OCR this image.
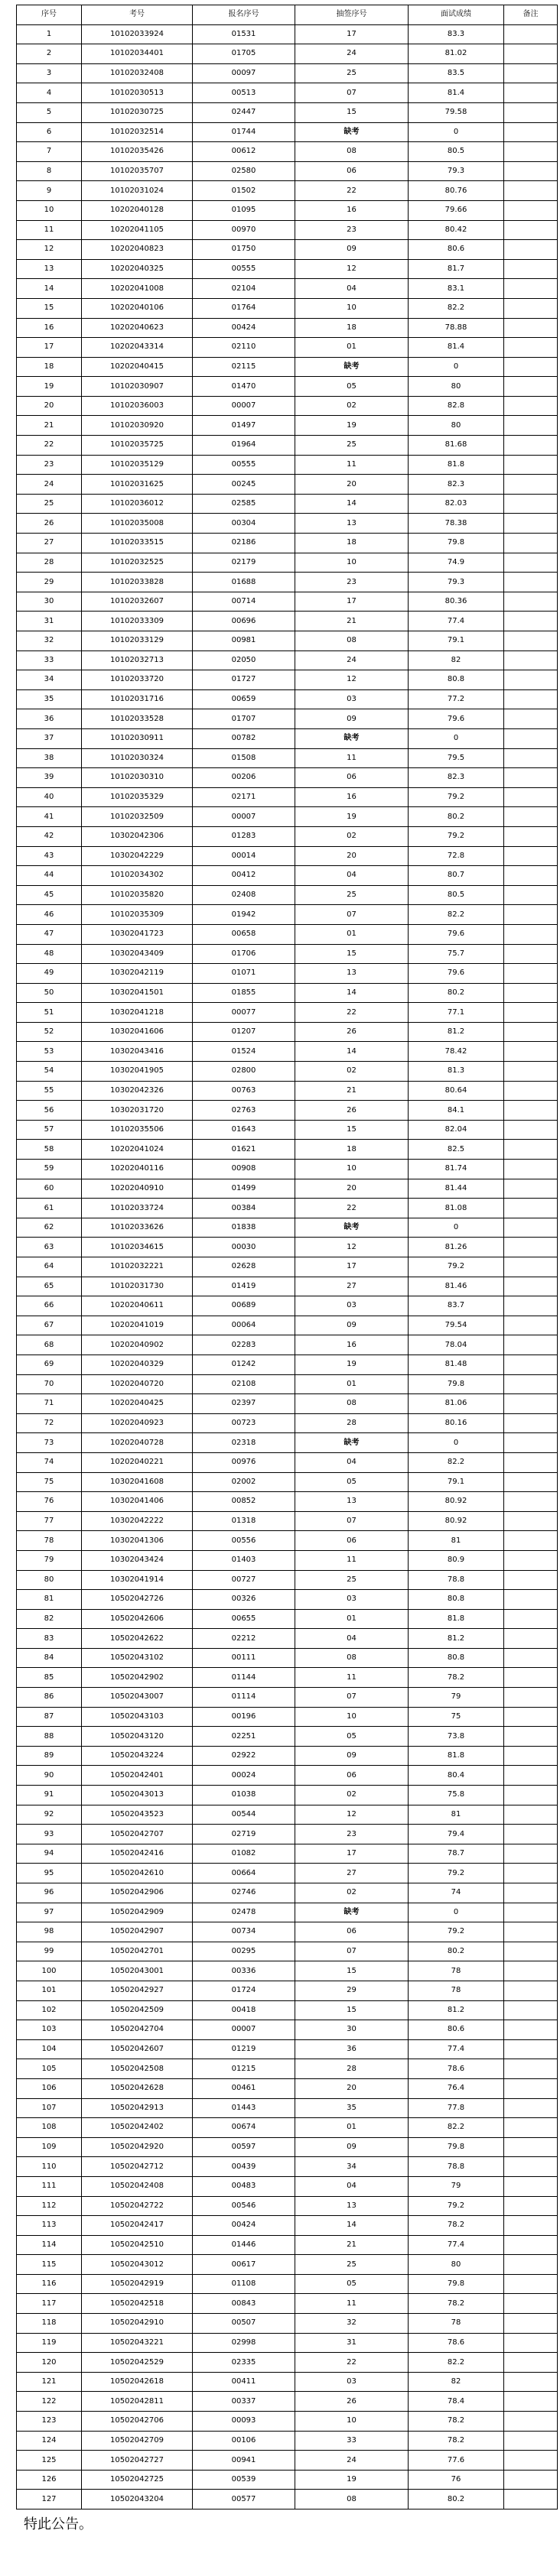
序号	考号	报名序号	抽签序号	面试成绩	备注
1	10102033924	01531	17	83.3	
2	10102034401	01705	24	81.02	
3	10102032408	00097	25	83.5	
4	10102030513	00513	07	81.4	
5	10102030725	02447	15	79.58	
6	10102032514	01744	缺考	0	
7	10102035426	00612	08	80.5	
8	10102035707	02580	06	79.3	
9	10102031024	01502	22	80.76	
10	10202040128	01095	16	79.66	
11	10202041105	00970	23	80.42	
12	10202040823	01750	09	80.6	
13	10202040325	00555	12	81.7	
14	10202041008	02104	04	83.1	
15	10202040106	01764	10	82.2	
16	10202040623	00424	18	78.88	
17	10202043314	02110	01	81.4	
18	10202040415	02115	缺考	0	
19	10102030907	01470	05	80	
20	10102036003	00007	02	82.8	
21	10102030920	01497	19	80	
22	10102035725	01964	25	81.68	
23	10102035129	00555	11	81.8	
24	10102031625	00245	20	82.3	
25	10102036012	02585	14	82.03	
26	10102035008	00304	13	78.38	
27	10102033515	02186	18	79.8	
28	10102032525	02179	10	74.9	
29	10102033828	01688	23	79.3	
30	10102032607	00714	17	80.36	
31	10102033309	00696	21	77.4	
32	10102033129	00981	08	79.1	
33	10102032713	02050	24	82	
34	10102033720	01727	12	80.8	
35	10102031716	00659	03	77.2	
36	10102033528	01707	09	79.6	
37	10102030911	00782	缺考	0	
38	10102030324	01508	11	79.5	
39	10102030310	00206	06	82.3	
40	10102035329	02171	16	79.2	
41	10102032509	00007	19	80.2	
42	10302042306	01283	02	79.2	
43	10302042229	00014	20	72.8	
44	10102034302	00412	04	80.7	
45	10102035820	02408	25	80.5	
46	10102035309	01942	07	82.2	
47	10302041723	00658	01	79.6	
48	10302043409	01706	15	75.7	
49	10302042119	01071	13	79.6	
50	10302041501	01855	14	80.2	
51	10302041218	00077	22	77.1	
52	10302041606	01207	26	81.2	
53	10302043416	01524	14	78.42	
54	10302041905	02800	02	81.3	
55	10302042326	00763	21	80.64	
56	10302031720	02763	26	84.1	
57	10102035506	01643	15	82.04	
58	10202041024	01621	18	82.5	
59	10202040116	00908	10	81.74	
60	10202040910	01499	20	81.44	
61	10102033724	00384	22	81.08	
62	10102033626	01838	缺考	0	
63	10102034615	00030	12	81.26	
64	10102032221	02628	17	79.2	
65	10102031730	01419	27	81.46	
66	10202040611	00689	03	83.7	
67	10202041019	00064	09	79.54	
68	10202040902	02283	16	78.04	
69	10202040329	01242	19	81.48	
70	10202040720	02108	01	79.8	
71	10202040425	02397	08	81.06	
72	10202040923	00723	28	80.16	
73	10202040728	02318	缺考	0	
74	10202040221	00976	04	82.2	
75	10302041608	02002	05	79.1	
76	10302041406	00852	13	80.92	
77	10302042222	01318	07	80.92	
78	10302041306	00556	06	81	
79	10302043424	01403	11	80.9	
80	10302041914	00727	25	78.8	
81	10502042726	00326	03	80.8	
82	10502042606	00655	01	81.8	
83	10502042622	02212	04	81.2	
84	10502043102	00111	08	80.8	
85	10502042902	01144	11	78.2	
86	10502043007	01114	07	79	
87	10502043103	00196	10	75	
88	10502043120	02251	05	73.8	
89	10502043224	02922	09	81.8	
90	10502042401	00024	06	80.4	
91	10502043013	01038	02	75.8	
92	10502043523	00544	12	81	
93	10502042707	02719	23	79.4	
94	10502042416	01082	17	78.7	
95	10502042610	00664	27	79.2	
96	10502042906	02746	02	74	
97	10502042909	02478	缺考	0	
98	10502042907	00734	06	79.2	
99	10502042701	00295	07	80.2	
100	10502043001	00336	15	78	
101	10502042927	01724	29	78	
102	10502042509	00418	15	81.2	
103	10502042704	00007	30	80.6	
104	10502042607	01219	36	77.4	
105	10502042508	01215	28	78.6	
106	10502042628	00461	20	76.4	
107	10502042913	01443	35	77.8	
108	10502042402	00674	01	82.2	
109	10502042920	00597	09	79.8	
110	10502042712	00439	34	78.8	
111	10502042408	00483	04	79	
112	10502042722	00546	13	79.2	
113	10502042417	00424	14	78.2	
114	10502042510	01446	21	77.4	
115	10502043012	00617	25	80	
116	10502042919	01108	05	79.8	
117	10502042518	00843	11	78.2	
118	10502042910	00507	32	78	
119	10502043221	02998	31	78.6	
120	10502042529	02335	22	82.2	
121	10502042618	00411	03	82	
122	10502042811	00337	26	78.4	
123	10502042706	00093	10	78.2	
124	10502042709	00106	33	78.2	
125	10502042727	00941	24	77.6	
126	10502042725	00539	19	76	
127	10502043204	00577	08	80.2	
特此公告。
